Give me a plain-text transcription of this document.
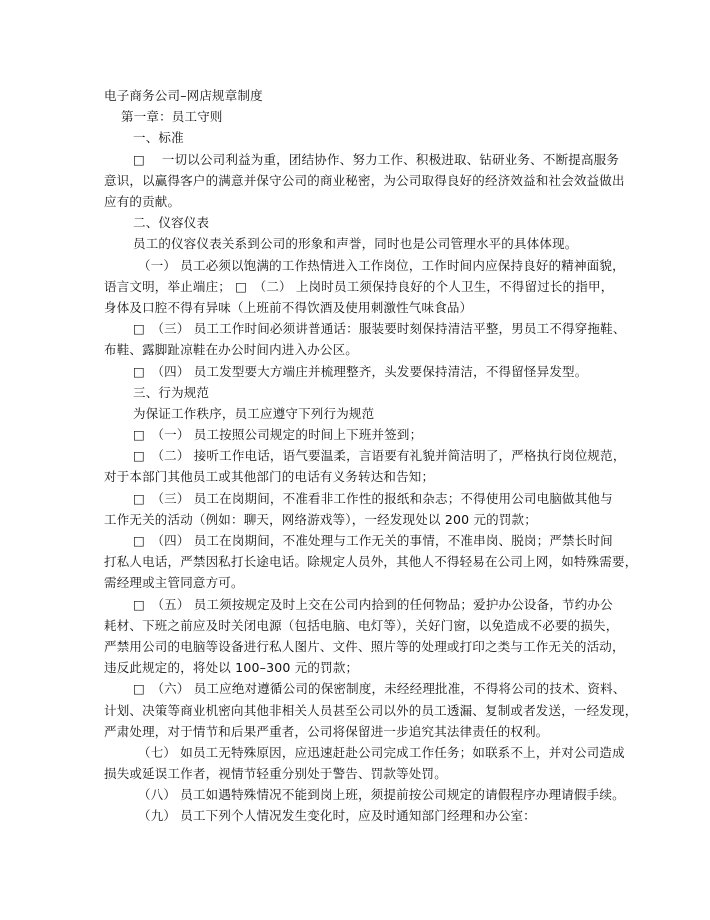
电子商务公司–网店规章制度

第一章：员工守则

一、标准

□　 一切以公司利益为重，团结协作、努力工作、积极进取、钻研业务、不断提高服务

意识，以赢得客户的满意并保守公司的商业秘密，为公司取得良好的经济效益和社会效益做出

应有的贡献。

二、仪容仪表

员工的仪容仪表关系到公司的形象和声誉，同时也是公司管理水平的具体体现。

（一） 员工必须以饱满的工作热情进入工作岗位，工作时间内应保持良好的精神面貌，

语言文明，举止端庄； □　（二） 上岗时员工须保持良好的个人卫生，不得留过长的指甲，

身体及口腔不得有异味（上班前不得饮酒及使用刺激性气味食品）

□　（三） 员工工作时间必须讲普通话：服装要时刻保持清洁平整，男员工不得穿拖鞋、

布鞋、露脚趾凉鞋在办公时间内进入办公区。

□　（四） 员工发型要大方端庄并梳理整齐，头发要保持清洁，不得留怪异发型。

三、行为规范

为保证工作秩序，员工应遵守下列行为规范

□　（一） 员工按照公司规定的时间上下班并签到；

□　（二） 接听工作电话，语气要温柔，言语要有礼貌并简洁明了，严格执行岗位规范，

对于本部门其他员工或其他部门的电话有义务转达和告知；

□　（三） 员工在岗期间，不准看非工作性的报纸和杂志；不得使用公司电脑做其他与

工作无关的活动（例如：聊天，网络游戏等），一经发现处以 200 元的罚款；

□　（四） 员工在岗期间，不准处理与工作无关的事情，不准串岗、脱岗；严禁长时间

打私人电话，严禁因私打长途电话。除规定人员外，其他人不得轻易在公司上网，如特殊需要，

需经理或主管同意方可。

□　（五） 员工须按规定及时上交在公司内拾到的任何物品；爱护办公设备，节约办公

耗材、下班之前应及时关闭电源（包括电脑、电灯等），关好门窗，以免造成不必要的损失，

严禁用公司的电脑等设备进行私人图片、文件、照片等的处理或打印之类与工作无关的活动，

违反此规定的，将处以 100–300 元的罚款；

□　（六） 员工应绝对遵循公司的保密制度，未经经理批准，不得将公司的技术、资料、

计划、决策等商业机密向其他非相关人员甚至公司以外的员工透漏、复制或者发送，一经发现，

严肃处理，对于情节和后果严重者，公司将保留进一步追究其法律责任的权利。

（七） 如员工无特殊原因，应迅速赶赴公司完成工作任务；如联系不上，并对公司造成

损失或延误工作者，视情节轻重分别处于警告、罚款等处罚。

（八） 员工如遇特殊情况不能到岗上班，须提前按公司规定的请假程序办理请假手续。

（九） 员工下列个人情况发生变化时，应及时通知部门经理和办公室：
